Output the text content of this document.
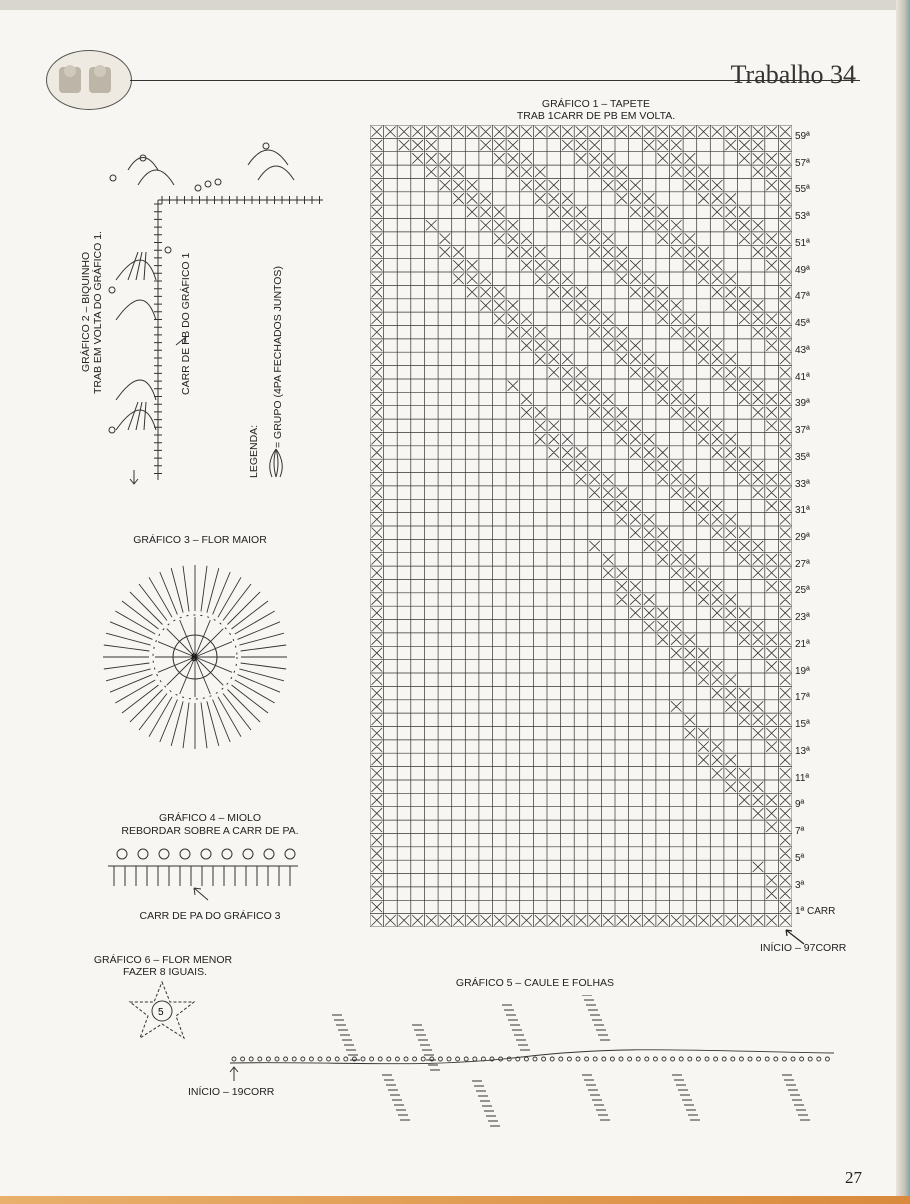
Trabalho 34
GRÁFICO 1 – TAPETE
TRAB 1CARR DE PB EM VOLTA.
59ª
57ª
55ª
53ª
51ª
49ª
47ª
45ª
43ª
41ª
39ª
37ª
35ª
33ª
31ª
29ª
27ª
25ª
23ª
21ª
19ª
17ª
15ª
13ª
11ª
9ª
7ª
5ª
3ª
1ª CARR
INÍCIO – 97CORR
GRÁFICO 2 – BIQUINHO TRAB EM VOLTA DO GRÁFICO 1.	CARR DE PB DO GRÁFICO 1
LEGENDA:
= GRUPO (4PA FECHADOS JUNTOS)
GRÁFICO 3 – FLOR MAIOR
8
GRÁFICO 4 – MIOLO
REBORDAR SOBRE A CARR DE PA.
CARR DE PA DO GRÁFICO 3
GRÁFICO 6 – FLOR MENOR
FAZER 8 IGUAIS.
5
GRÁFICO 5 – CAULE E FOLHAS
INÍCIO – 19CORR
27
